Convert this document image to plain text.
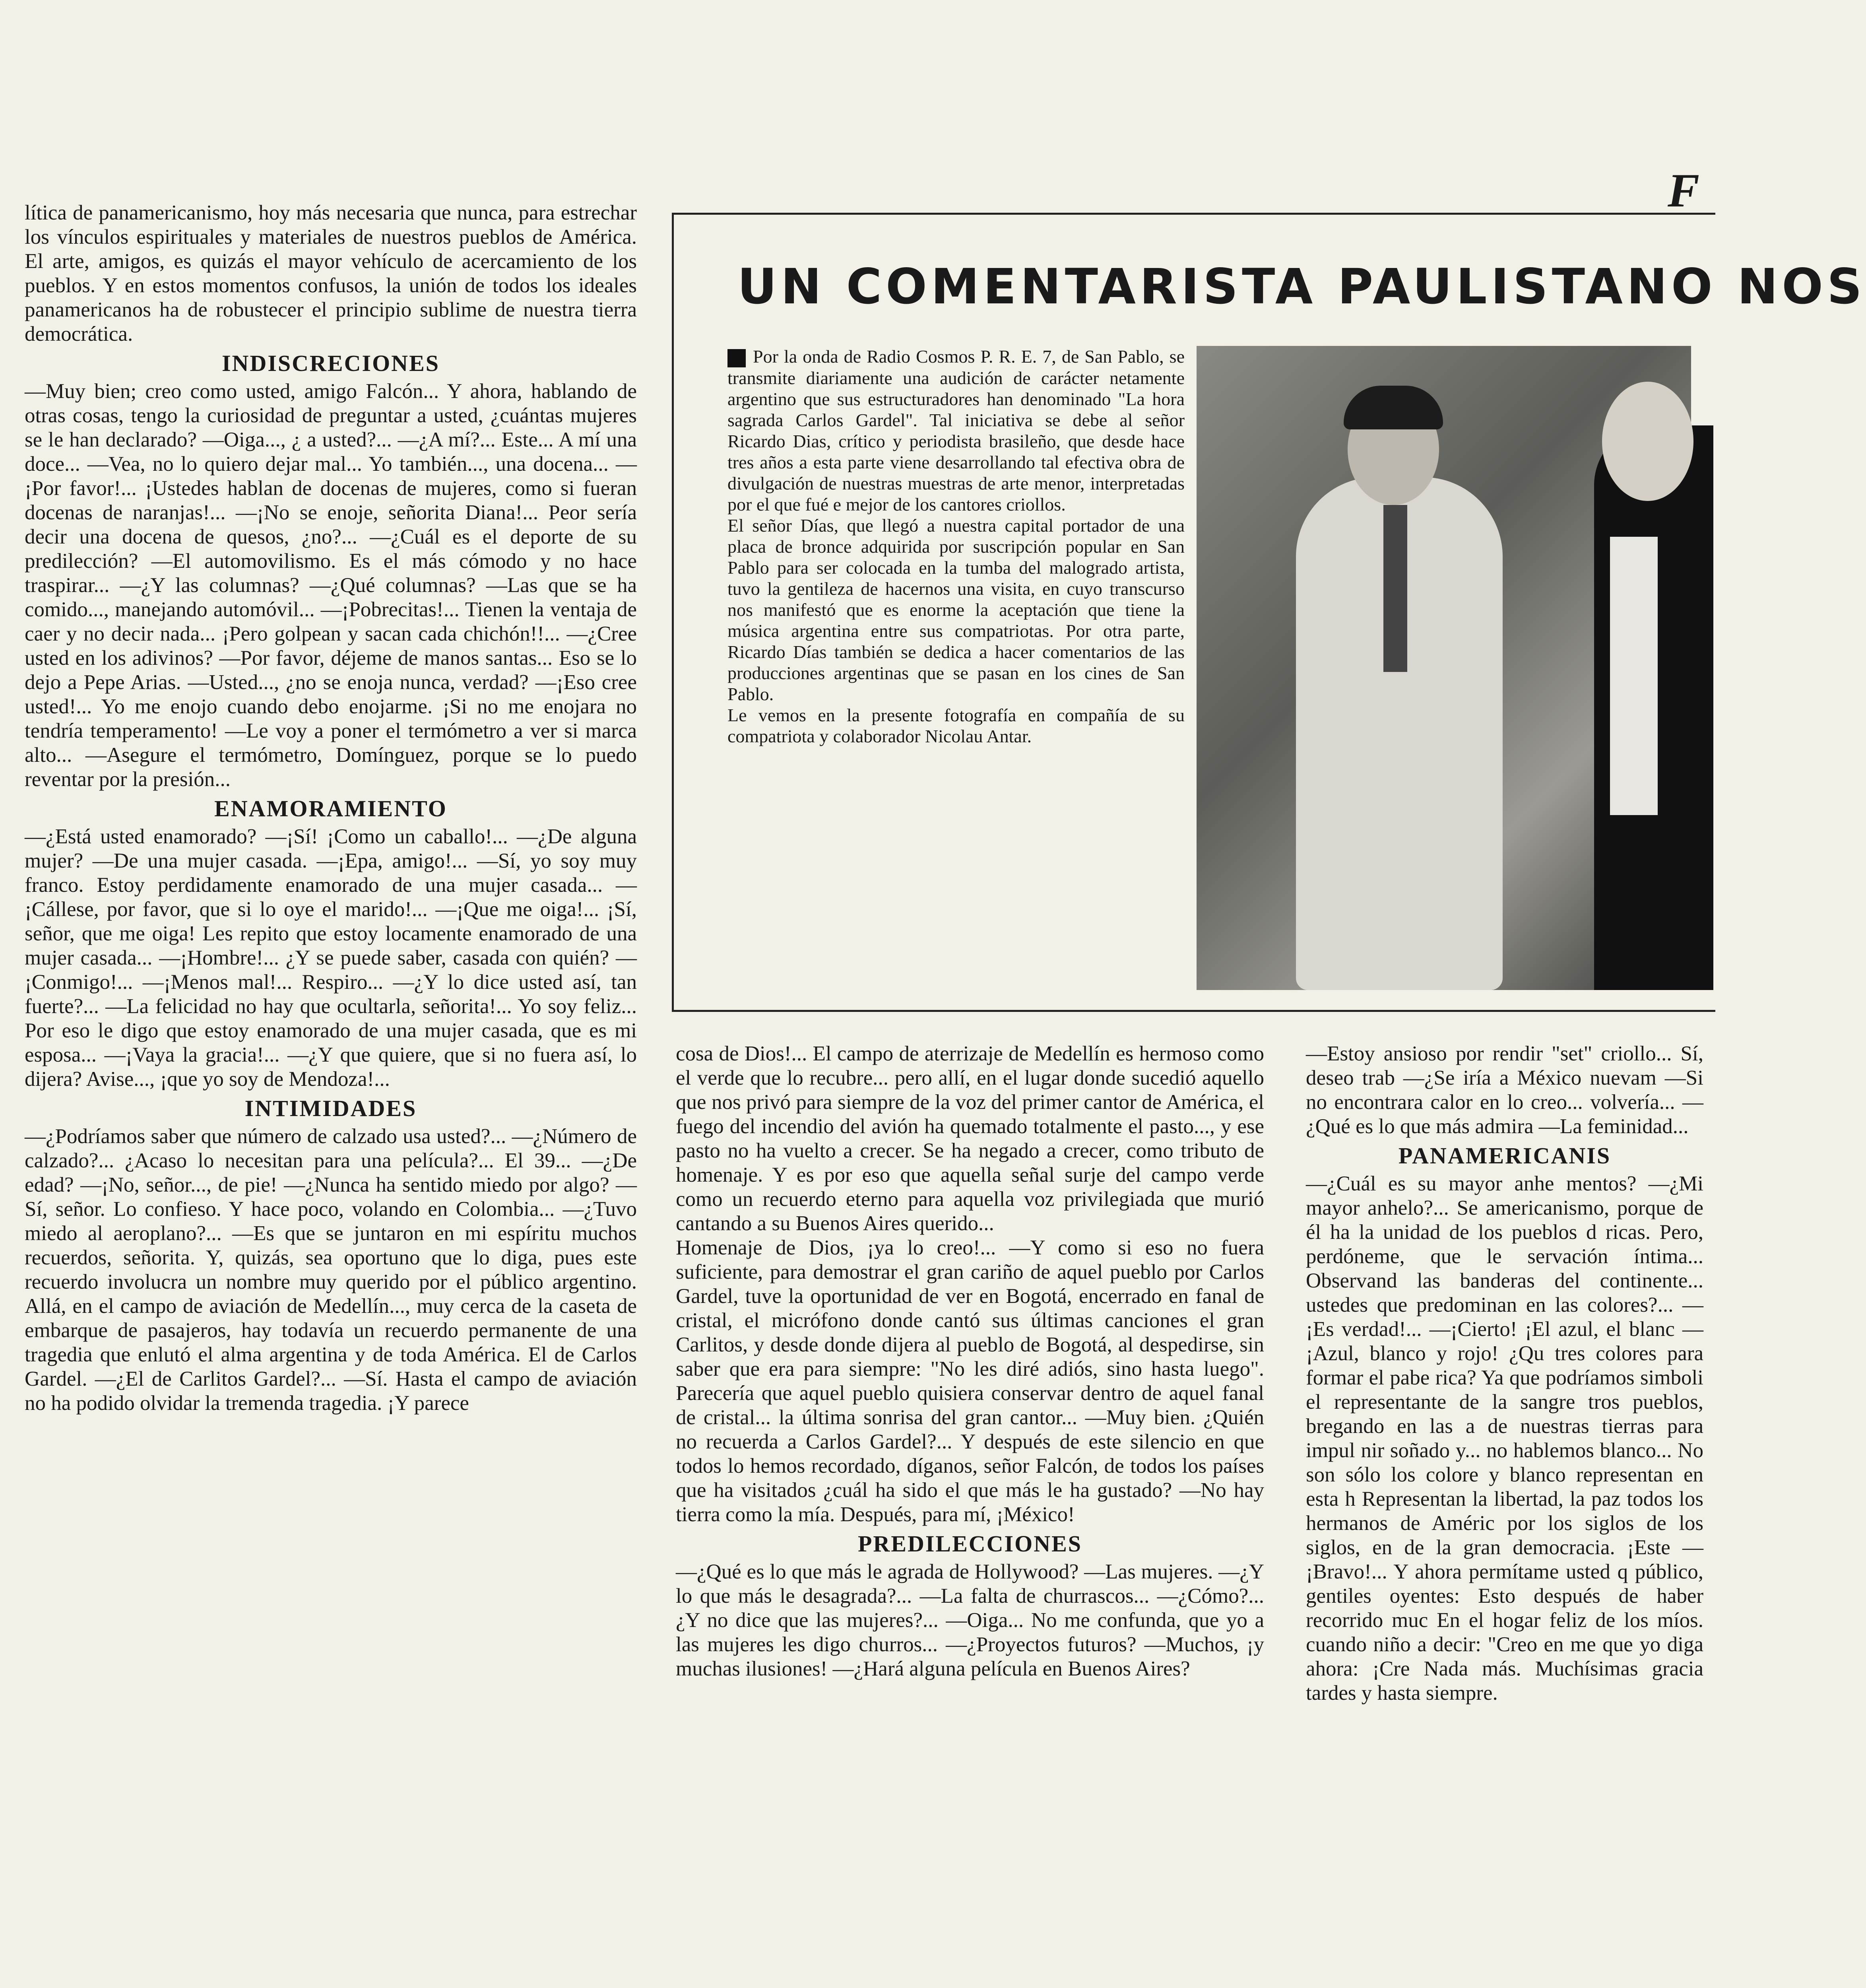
F

lítica de panamericanismo, hoy más necesaria que nunca, para estrechar los vínculos espirituales y materiales de nuestros pueblos de América. El arte, amigos, es quizás el mayor vehículo de acercamiento de los pueblos. Y en estos momentos confusos, la unión de todos los ideales panamericanos ha de robustecer el principio sublime de nuestra tierra democrática.

INDISCRECIONES

—Muy bien; creo como usted, amigo Falcón... Y ahora, hablando de otras cosas, tengo la curiosidad de preguntar a usted, ¿cuántas mujeres se le han declarado? —Oiga..., ¿ a usted?... —¿A mí?... Este... A mí una doce... —Vea, no lo quiero dejar mal... Yo también..., una docena... —¡Por favor!... ¡Ustedes hablan de docenas de mujeres, como si fueran docenas de naranjas!... —¡No se enoje, señorita Diana!... Peor sería decir una docena de quesos, ¿no?... —¿Cuál es el deporte de su predilección? —El automovilismo. Es el más cómodo y no hace traspirar... —¿Y las columnas? —¿Qué columnas? —Las que se ha comido..., manejando automóvil... —¡Pobrecitas!... Tienen la ventaja de caer y no decir nada... ¡Pero golpean y sacan cada chichón!!... —¿Cree usted en los adivinos? —Por favor, déjeme de manos santas... Eso se lo dejo a Pepe Arias. —Usted..., ¿no se enoja nunca, verdad? —¡Eso cree usted!... Yo me enojo cuando debo enojarme. ¡Si no me enojara no tendría temperamento! —Le voy a poner el termómetro a ver si marca alto... —Asegure el termómetro, Domínguez, porque se lo puedo reventar por la presión...

ENAMORAMIENTO

—¿Está usted enamorado? —¡Sí! ¡Como un caballo!... —¿De alguna mujer? —De una mujer casada. —¡Epa, amigo!... —Sí, yo soy muy franco. Estoy perdidamente enamorado de una mujer casada... —¡Cállese, por favor, que si lo oye el marido!... —¡Que me oiga!... ¡Sí, señor, que me oiga! Les repito que estoy locamente enamorado de una mujer casada... —¡Hombre!... ¿Y se puede saber, casada con quién? —¡Conmigo!... —¡Menos mal!... Respiro... —¿Y lo dice usted así, tan fuerte?... —La felicidad no hay que ocultarla, señorita!... Yo soy feliz... Por eso le digo que estoy enamorado de una mujer casada, que es mi esposa... —¡Vaya la gracia!... —¿Y que quiere, que si no fuera así, lo dijera? Avise..., ¡que yo soy de Mendoza!...

INTIMIDADES

—¿Podríamos saber que número de calzado usa usted?... —¿Número de calzado?... ¿Acaso lo necesitan para una película?... El 39... —¿De edad? —¡No, señor..., de pie! —¿Nunca ha sentido miedo por algo? —Sí, señor. Lo confieso. Y hace poco, volando en Colombia... —¿Tuvo miedo al aeroplano?... —Es que se juntaron en mi espíritu muchos recuerdos, señorita. Y, quizás, sea oportuno que lo diga, pues este recuerdo involucra un nombre muy querido por el público argentino. Allá, en el campo de aviación de Medellín..., muy cerca de la caseta de embarque de pasajeros, hay todavía un recuerdo permanente de una tragedia que enlutó el alma argentina y de toda América. El de Carlos Gardel. —¿El de Carlitos Gardel?... —Sí. Hasta el campo de aviación no ha podido olvidar la tremenda tragedia. ¡Y parece

UN COMENTARISTA PAULISTANO NOS

Por la onda de Radio Cosmos P. R. E. 7, de San Pablo, se transmite diariamente una audición de carácter netamente argentino que sus estructuradores han denominado "La hora sagrada Carlos Gardel". Tal iniciativa se debe al señor Ricardo Dias, crítico y periodista brasileño, que desde hace tres años a esta parte viene desarrollando tal efectiva obra de divulgación de nuestras muestras de arte menor, interpretadas por el que fué e mejor de los cantores criollos.

El señor Días, que llegó a nuestra capital portador de una placa de bronce adquirida por suscripción popular en San Pablo para ser colocada en la tumba del malogrado artista, tuvo la gentileza de hacernos una visita, en cuyo transcurso nos manifestó que es enorme la aceptación que tiene la música argentina entre sus compatriotas. Por otra parte, Ricardo Días también se dedica a hacer comentarios de las producciones argentinas que se pasan en los cines de San Pablo.

Le vemos en la presente fotografía en compañía de su compatriota y colaborador Nicolau Antar.

cosa de Dios!... El campo de aterrizaje de Medellín es hermoso como el verde que lo recubre... pero allí, en el lugar donde sucedió aquello que nos privó para siempre de la voz del primer cantor de América, el fuego del incendio del avión ha quemado totalmente el pasto..., y ese pasto no ha vuelto a crecer. Se ha negado a crecer, como tributo de homenaje. Y es por eso que aquella señal surje del campo verde como un recuerdo eterno para aquella voz privilegiada que murió cantando a su Buenos Aires querido...

Homenaje de Dios, ¡ya lo creo!... —Y como si eso no fuera suficiente, para demostrar el gran cariño de aquel pueblo por Carlos Gardel, tuve la oportunidad de ver en Bogotá, encerrado en fanal de cristal, el micrófono donde cantó sus últimas canciones el gran Carlitos, y desde donde dijera al pueblo de Bogotá, al despedirse, sin saber que era para siempre: "No les diré adiós, sino hasta luego". Parecería que aquel pueblo quisiera conservar dentro de aquel fanal de cristal... la última sonrisa del gran cantor... —Muy bien. ¿Quién no recuerda a Carlos Gardel?... Y después de este silencio en que todos lo hemos recordado, díganos, señor Falcón, de todos los países que ha visitados ¿cuál ha sido el que más le ha gustado? —No hay tierra como la mía. Después, para mí, ¡México!

PREDILECCIONES

—¿Qué es lo que más le agrada de Hollywood? —Las mujeres. —¿Y lo que más le desagrada?... —La falta de churrascos... —¿Cómo?... ¿Y no dice que las mujeres?... —Oiga... No me confunda, que yo a las mujeres les digo churros... —¿Proyectos futuros? —Muchos, ¡y muchas ilusiones! —¿Hará alguna película en Buenos Aires?

—Estoy ansioso por rendir "set" criollo... Sí, deseo trab —¿Se iría a México nuevam —Si no encontrara calor en lo creo... volvería... —¿Qué es lo que más admira —La feminidad...

PANAMERICANIS

—¿Cuál es su mayor anhe mentos? —¿Mi mayor anhelo?... Se americanismo, porque de él ha la unidad de los pueblos d ricas. Pero, perdóneme, que le servación íntima... Observand las banderas del continente... ustedes que predominan en las colores?... —¡Es verdad!... —¡Cierto! ¡El azul, el blanc —¡Azul, blanco y rojo! ¿Qu tres colores para formar el pabe rica? Ya que podríamos simboli el representante de la sangre tros pueblos, bregando en las a de nuestras tierras para impul nir soñado y... no hablemos blanco... No son sólo los colore y blanco representan en esta h Representan la libertad, la paz todos los hermanos de Améric por los siglos de los siglos, en de la gran democracia. ¡Este —¡Bravo!... Y ahora permítame usted q público, gentiles oyentes: Esto después de haber recorrido muc En el hogar feliz de los míos. cuando niño a decir: "Creo en me que yo diga ahora: ¡Cre Nada más. Muchísimas gracia tardes y hasta siempre.
